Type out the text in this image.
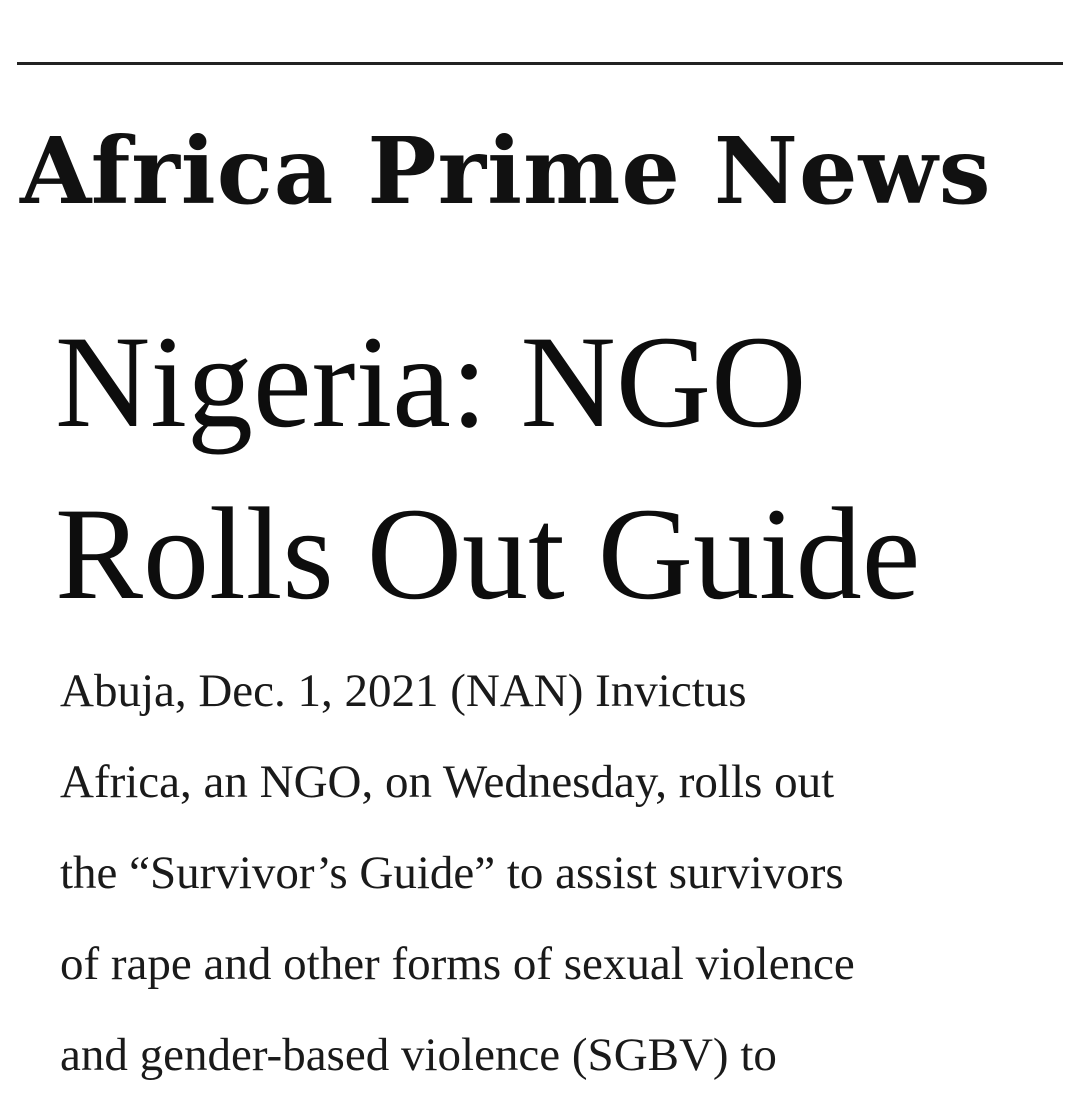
Africa Prime News
Nigeria: NGO
Rolls Out Guide
Abuja, Dec. 1, 2021 (NAN) Invictus
Africa, an NGO, on Wednesday, rolls out
the “Survivor’s Guide” to assist survivors
of rape and other forms of sexual violence
and gender-based violence (SGBV) to
